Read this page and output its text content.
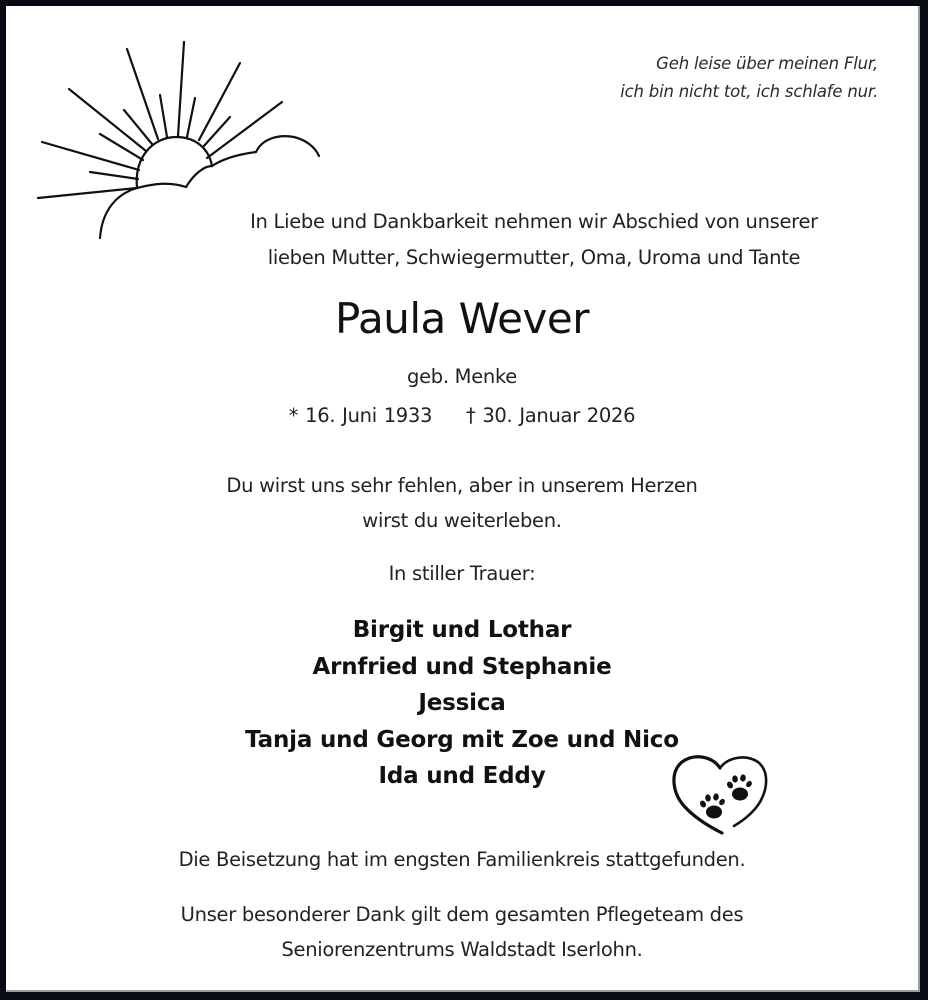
Geh leise über meinen Flur,
ich bin nicht tot, ich schlafe nur.
In Liebe und Dankbarkeit nehmen wir Abschied von unserer
lieben Mutter, Schwiegermutter, Oma, Uroma und Tante
Paula Wever
geb. Menke
* 16. Juni 1933 † 30. Januar 2026
Du wirst uns sehr fehlen, aber in unserem Herzen
wirst du weiterleben.
In stiller Trauer:
Birgit und Lothar
Arnfried und Stephanie
Jessica
Tanja und Georg mit Zoe und Nico
Ida und Eddy
Die Beisetzung hat im engsten Familienkreis stattgefunden.
Unser besonderer Dank gilt dem gesamten Pflegeteam des
Seniorenzentrums Waldstadt Iserlohn.
